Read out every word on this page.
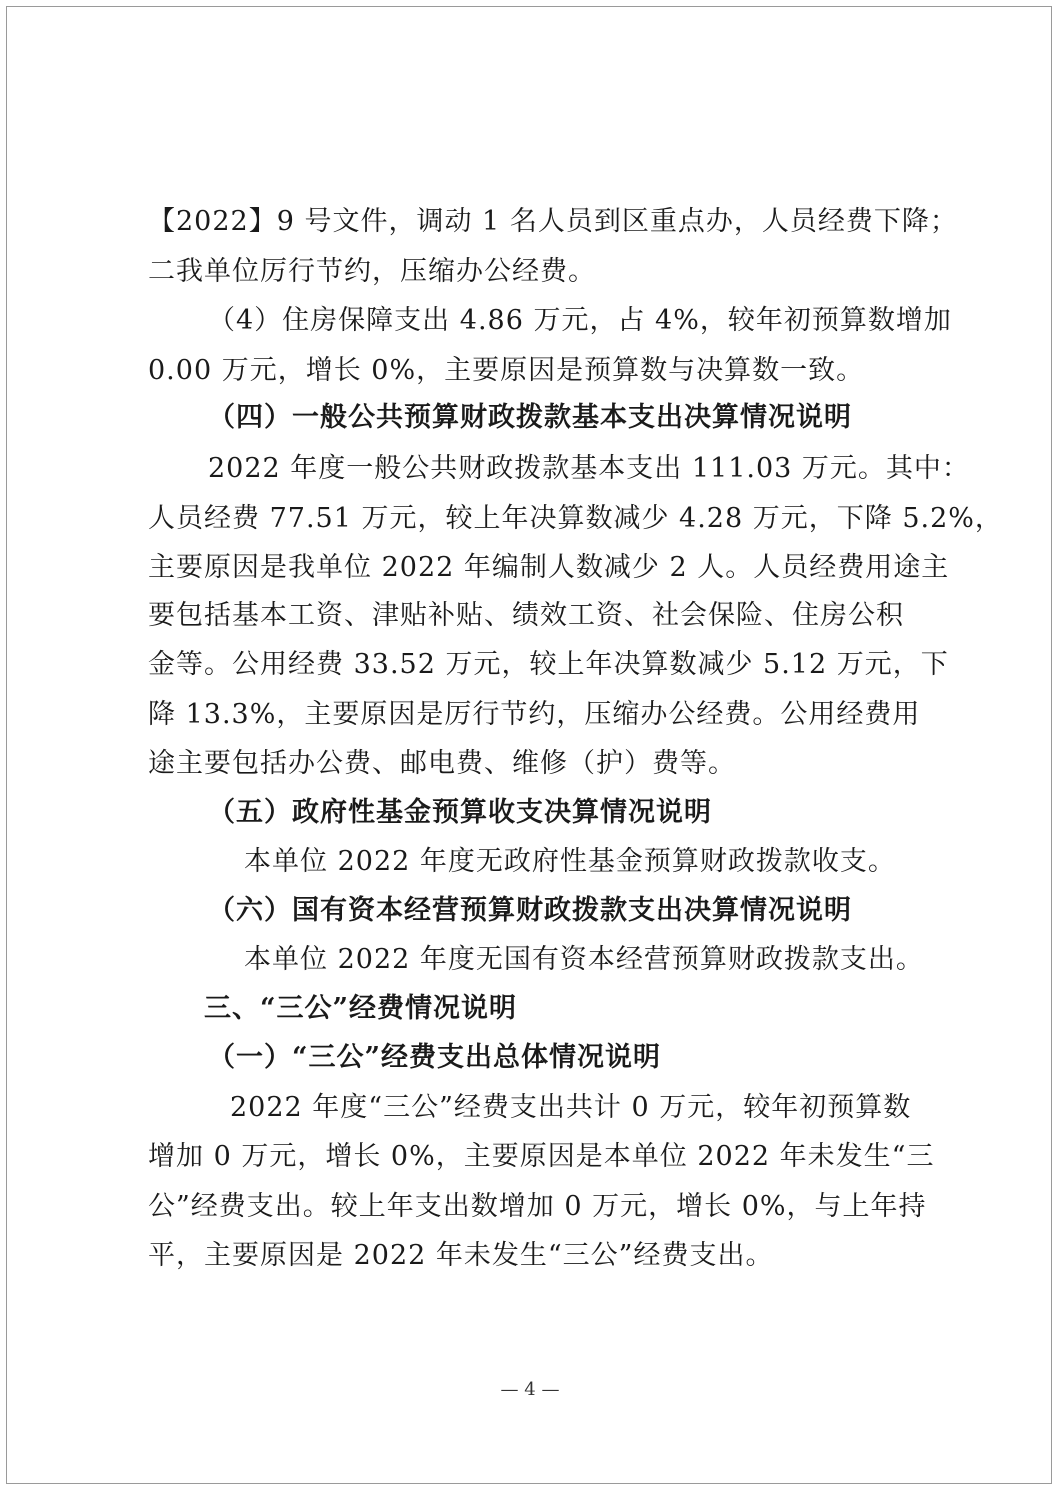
【2022】9 号文件，调动 1 名人员到区重点办，人员经费下降；
二我单位厉行节约，压缩办公经费。
（4）住房保障支出 4.86 万元，占 4%，较年初预算数增加
0.00 万元，增长 0%，主要原因是预算数与决算数一致。
（四）一般公共预算财政拨款基本支出决算情况说明
2022 年度一般公共财政拨款基本支出 111.03 万元。其中：
人员经费 77.51 万元，较上年决算数减少 4.28 万元，下降 5.2%，
主要原因是我单位 2022 年编制人数减少 2 人。人员经费用途主
要包括基本工资、津贴补贴、绩效工资、社会保险、住房公积
金等。公用经费 33.52 万元，较上年决算数减少 5.12 万元，下
降 13.3%，主要原因是厉行节约，压缩办公经费。公用经费用
途主要包括办公费、邮电费、维修（护）费等。
（五）政府性基金预算收支决算情况说明
本单位 2022 年度无政府性基金预算财政拨款收支。
（六）国有资本经营预算财政拨款支出决算情况说明
本单位 2022 年度无国有资本经营预算财政拨款支出。
三、“三公”经费情况说明
（一）“三公”经费支出总体情况说明
2022 年度“三公”经费支出共计 0 万元，较年初预算数
增加 0 万元，增长 0%，主要原因是本单位 2022 年未发生“三
公”经费支出。较上年支出数增加 0 万元，增长 0%，与上年持
平，主要原因是 2022 年未发生“三公”经费支出。
— 4 —
